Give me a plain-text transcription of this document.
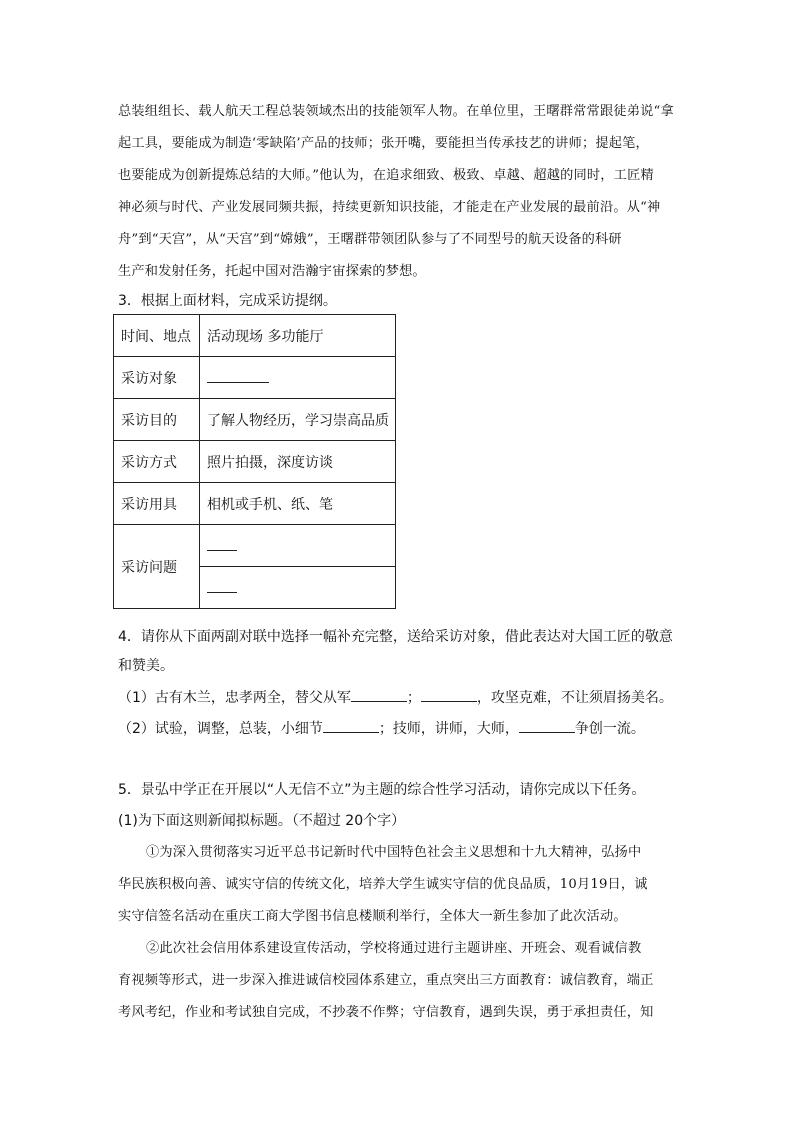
总装组组长、载人航天工程总装领域杰出的技能领军人物。在单位里，王曙群常常跟徒弟说“拿

起工具，要能成为制造‘零缺陷’产品的技师；张开嘴，要能担当传承技艺的讲师；提起笔，

也要能成为创新提炼总结的大师。”他认为，在追求细致、极致、卓越、超越的同时，工匠精

神必须与时代、产业发展同频共振，持续更新知识技能，才能走在产业发展的最前沿。从“神

舟”到“天宫”，从“天宫”到“嫦娥”，王曙群带领团队参与了不同型号的航天设备的科研

生产和发射任务，托起中国对浩瀚宇宙探索的梦想。

3．根据上面材料，完成采访提纲。

时间、地点	活动现场 多功能厅
采访对象	
采访目的	了解人物经历，学习崇高品质
采访方式	照片拍摄，深度访谈
采访用具	相机或手机、纸、笔
采访问题	

4．请你从下面两副对联中选择一幅补充完整，送给采访对象，借此表达对大国工匠的敬意

和赞美。

（1）古有木兰，忠孝两全，替父从军	；	，攻坚克难，不让须眉扬美名。

（2）试验，调整，总装，小细节	；技师，讲师，大师，	争创一流。

5．景弘中学正在开展以“人无信不立”为主题的综合性学习活动，请你完成以下任务。

(1)为下面这则新闻拟标题。（不超过 20个字）

①为深入贯彻落实习近平总书记新时代中国特色社会主义思想和十九大精神，弘扬中

华民族积极向善、诚实守信的传统文化，培养大学生诚实守信的优良品质，10月19日，诚

实守信签名活动在重庆工商大学图书信息楼顺利举行，全体大一新生参加了此次活动。

②此次社会信用体系建设宣传活动，学校将通过进行主题讲座、开班会、观看诚信教

育视频等形式，进一步深入推进诚信校园体系建立，重点突出三方面教育：诚信教育，端正

考风考纪，作业和考试独自完成，不抄袭不作弊；守信教育，遇到失误，勇于承担责任，知
